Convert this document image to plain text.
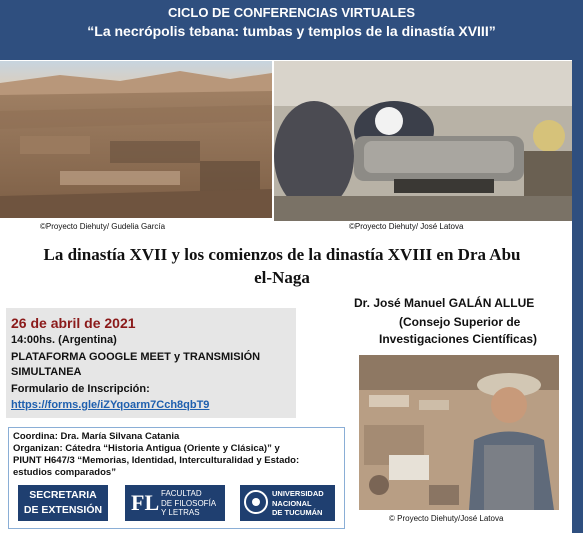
CICLO DE CONFERENCIAS VIRTUALES
“La necrópolis tebana: tumbas y templos de la dinastía XVIII”
©Proyecto Diehuty/ Gudelia García	©Proyecto Diehuty/ José Latova
La dinastía XVII y los comienzos de la dinastía XVIII en Dra Abu
el-Naga
Dr. José Manuel GALÁN ALLUE
(Consejo Superior de
Investigaciones Científicas)
26 de abril de 2021
14:00hs. (Argentina)
PLATAFORMA GOOGLE MEET y TRANSMISIÓN
SIMULTANEA
Formulario de Inscripción:
https://forms.gle/iZYqoarm7Cch8qbT9
© Proyecto Diehuty/José Latova
Coordina: Dra. María Silvana Catania
Organizan: Cátedra “Historia Antigua (Oriente y Clásica)” y
PIUNT H647/3 “Memorias, Identidad, Interculturalidad y Estado:
estudios comparados”
SECRETARIA
DE EXTENSIÓN FL FACULTAD
DE FILOSOFÍA
Y LETRAS
UNIVERSIDAD
NACIONAL
DE TUCUMÁN
